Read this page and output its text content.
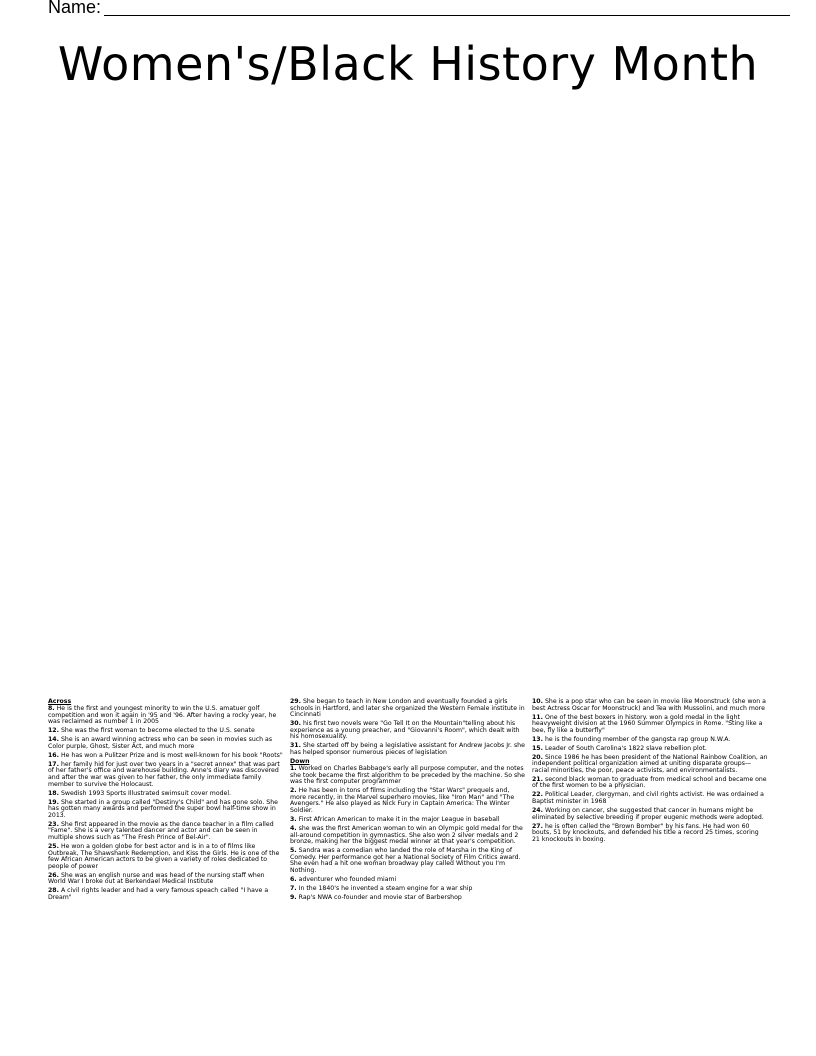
Name:
Women's/Black History Month
Across
8. He is the first and youngest minority to win the U.S. amatuer golf competition and won it again in '95 and '96. After having a rocky year, he was reclaimed as number 1 in 2005
12. She was the first woman to become elected to the U.S. senate
14. She is an award winning actress who can be seen in movies such as Color purple, Ghost, Sister Act, and much more
16. He has won a Pulitzer Prize and is most well-known for his book "Roots"
17. her family hid for just over two years in a "secret annex" that was part of her father's office and warehouse building. Anne's diary was discovered and after the war was given to her father, the only immediate family member to survive the Holocaust.
18. Swedish 1993 Sports Illustrated swimsuit cover model.
19. She started in a group called "Destiny's Child" and has gone solo. She has gotten many awards and performed the super bowl half-time show in 2013.
23. She first appeared in the movie as the dance teacher in a film called "Fame". She is a very talented dancer and actor and can be seen in multiple shows such as "The Fresh Prince of Bel-Air".
25. He won a golden globe for best actor and is in a to of films like Outbreak, The Shawshank Redemption, and Kiss the Girls. He is one of the few African American actors to be given a variety of roles dedicated to people of power
26. She was an english nurse and was head of the nursing staff when World War I broke out at Berkendael Medical Institute
28. A civil rights leader and had a very famous speach called "I have a Dream"
29. She began to teach in New London and eventually founded a girls schools in Hartford, and later she organized the Western Female institute in Cincinnati
30. his first two novels were "Go Tell It on the Mountain"telling about his experience as a young preacher, and "Giovanni's Room", which dealt with his homosexuality.
31. She started off by being a legislative assistant for Andrew Jacobs Jr. she has helped sponsor numerous pieces of legislation
Down
1. Worked on Charles Babbage's early all purpose computer, and the notes she took became the first algorithm to be preceded by the machine. So she was the first computer programmer
2. He has been in tons of films including the "Star Wars" prequels and, more recently, in the Marvel superhero movies, like "Iron Man" and "The Avengers." He also played as Nick Fury in Captain America: The Winter Soldier.
3. First African American to make it in the major League in baseball
4. she was the first American woman to win an Olympic gold medal for the all-around competition in gymnastics. She also won 2 silver medals and 2 bronze, making her the biggest medal winner at that year's competition.
5. Sandra was a comedian who landed the role of Marsha in the King of Comedy. Her performance got her a National Society of Film Critics award. She even had a hit one woman broadway play called Without you I'm Nothing.
6. adventurer who founded miami
7. In the 1840's he invented a steam engine for a war ship
9. Rap's NWA co-founder and movie star of Barbershop
10. She is a pop star who can be seen in movie like Moonstruck (she won a best Actress Oscar for Moonstruck) and Tea with Mussolini, and much more
11. One of the best boxers in history. won a gold medal in the light heavyweight division at the 1960 Summer Olympics in Rome. "Sting like a bee, fly like a butterfly"
13. he is the founding member of the gangsta rap group N.W.A.
15. Leader of South Carolina's 1822 slave rebellion plot.
20. Since 1986 he has been president of the National Rainbow Coalition, an independent political organization aimed at uniting disparate groups—racial minorities, the poor, peace activists, and environmentalists.
21. second black woman to graduate from medical school and became one of the first women to be a physician.
22. Political Leader, clergyman, and civil rights activist. He was ordained a Baptist minister in 1968
24. Working on cancer, she suggested that cancer in humans might be eliminated by selective breeding if proper eugenic methods were adopted.
27. he is often called the "Brown Bomber" by his fans. He had won 60 bouts, 51 by knockouts, and defended his title a record 25 times, scoring 21 knockouts in boxing.
